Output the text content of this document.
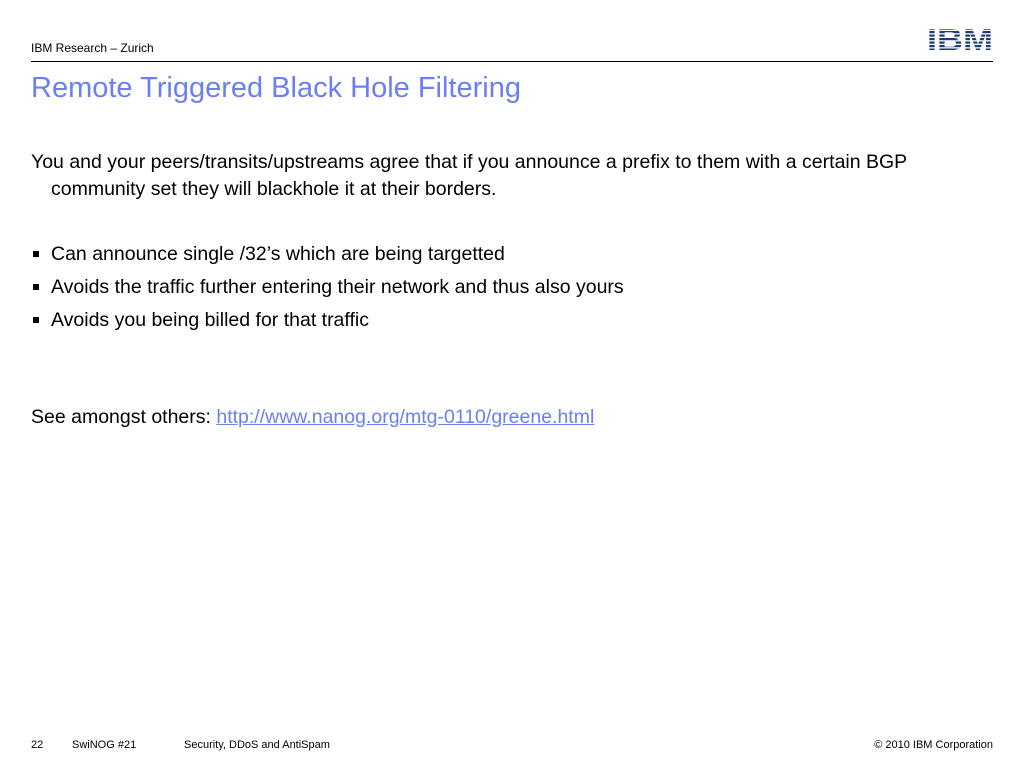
IBM Research – Zurich
Remote Triggered Black Hole Filtering
You and your peers/transits/upstreams agree that if you announce a prefix to them with a certain BGP community set they will blackhole it at their borders.
Can announce single /32’s which are being targetted
Avoids the traffic further entering their network and thus also yours
Avoids you being billed for that traffic
See amongst others: http://www.nanog.org/mtg-0110/greene.html
22	SwiNOG #21	Security, DDoS and AntiSpam	© 2010 IBM Corporation
